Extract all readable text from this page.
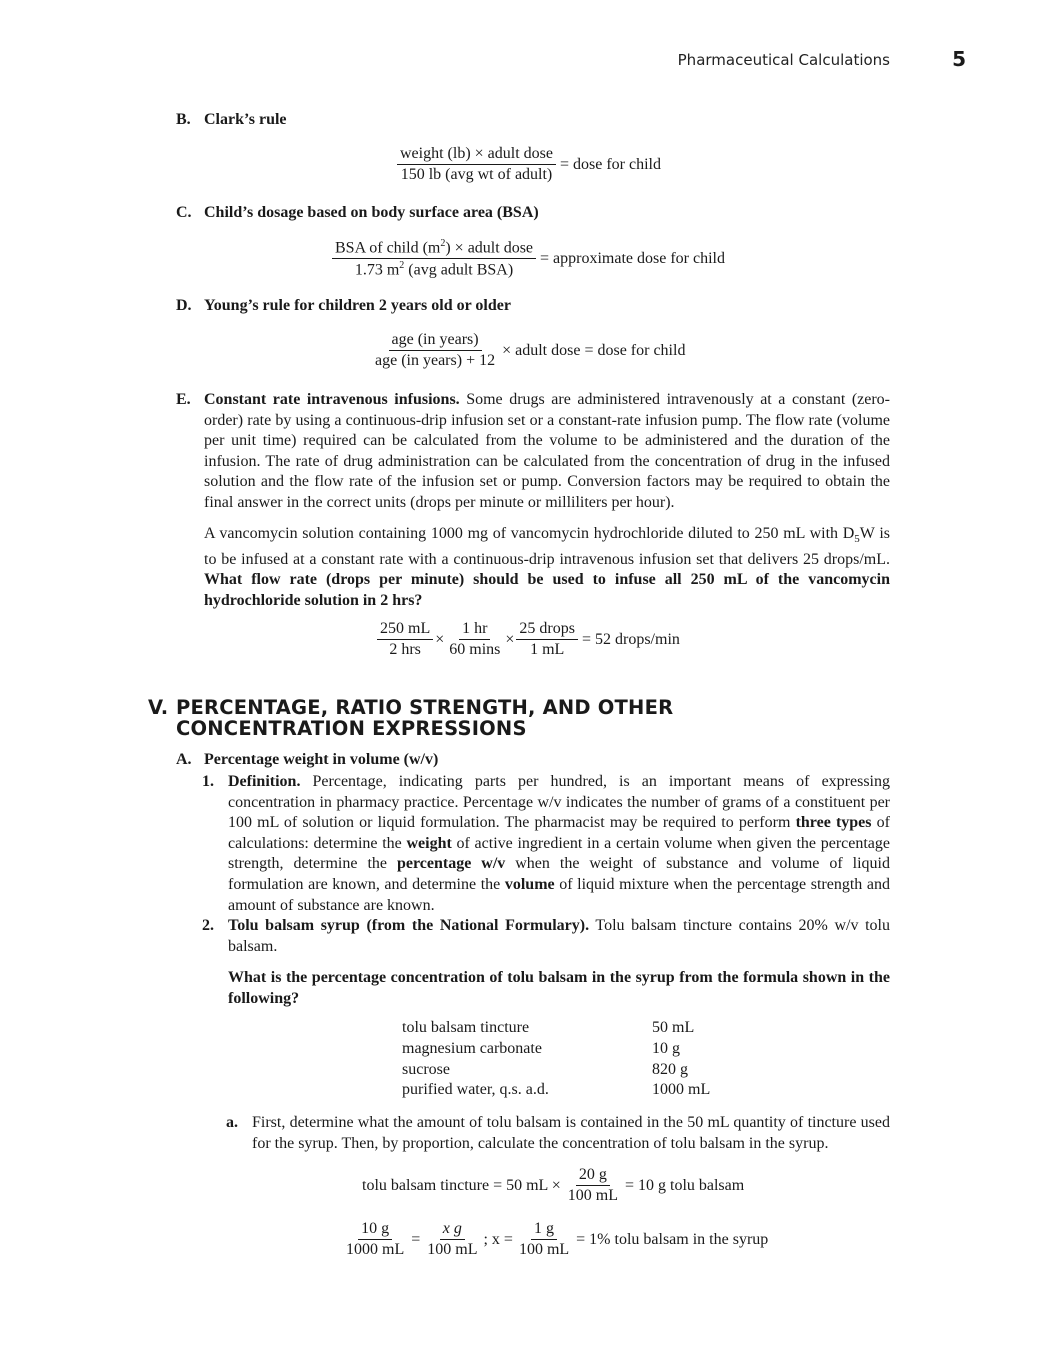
Pharmaceutical Calculations	5
B. Clark’s rule
$\frac{\text{weight (lb) × adult dose}}{\text{150 lb (avg wt of adult)}}$ = dose for child
C. Child’s dosage based on body surface area (BSA)
$\frac{BSA of child (m^2) \times adult dose}{1.73 m^2 (avg adult BSA)}$ = approximate dose for child
D. Young’s rule for children 2 years old or older
$\frac{\text{age (in years)}}{\text{age (in years) + 12}}$ × adult dose = dose for child
E. Constant rate intravenous infusions. Some drugs are administered intravenously at a constant (zero-order) rate by using a continuous-drip infusion set or a constant-rate infusion pump. The flow rate (volume per unit time) required can be calculated from the volume to be administered and the duration of the infusion. The rate of drug administration can be calculated from the concentration of drug in the infused solution and the flow rate of the infusion set or pump. Conversion factors may be required to obtain the final answer in the correct units (drops per minute or milliliters per hour).
A vancomycin solution containing 1000 mg of vancomycin hydrochloride diluted to 250 mL with $D_5W$ is to be infused at a constant rate with a continuous-drip intravenous infusion set that delivers 25 drops/mL. What flow rate (drops per minute) should be used to infuse all 250 mL of the vancomycin hydrochloride solution in 2 hrs?
$\frac{250 mL}{\text{2 hrs}} \times \frac{1 hr}{60 \min s} \times \frac{\text{25 drops}}{1 mL} = 52$ drops/min
V. PERCENTAGE, RATIO STRENGTH, AND OTHER
CONCENTRATION EXPRESSIONS
A. Percentage weight in volume (w/v)
1. Definition. Percentage, indicating parts per hundred, is an important means of expressing concentration in pharmacy practice. Percentage w/v indicates the number of grams of a constituent per 100 mL of solution or liquid formulation. The pharmacist may be required to perform three types of calculations: determine the weight of active ingredient in a certain volume when given the percentage strength, determine the percentage w/v when the weight of substance and volume of liquid formulation are known, and determine the volume of liquid mixture when the percentage strength and amount of substance are known.
2. Tolu balsam syrup (from the National Formulary). Tolu balsam tincture contains 20% w/v tolu balsam.
What is the percentage concentration of tolu balsam in the syrup from the formula shown in the following?
tolu balsam tincture	50 mL
magnesium carbonate	10 g
sucrose	820 g
purified water, q.s. a.d.	1000 mL
a. First, determine what the amount of tolu balsam is contained in the 50 mL quantity of tincture used for the syrup. Then, by proportion, calculate the concentration of tolu balsam in the syrup.
tolu balsam tincture = 50 mL × $\frac{20 g}{100 mL} = 10$ g tolu balsam
$\frac{10 g}{1000 mL} = \frac{\text{x g}}{100 mL}$ ; $x = \frac{1 g}{100 mL} = 1\%$ tolu balsam in the syrup
